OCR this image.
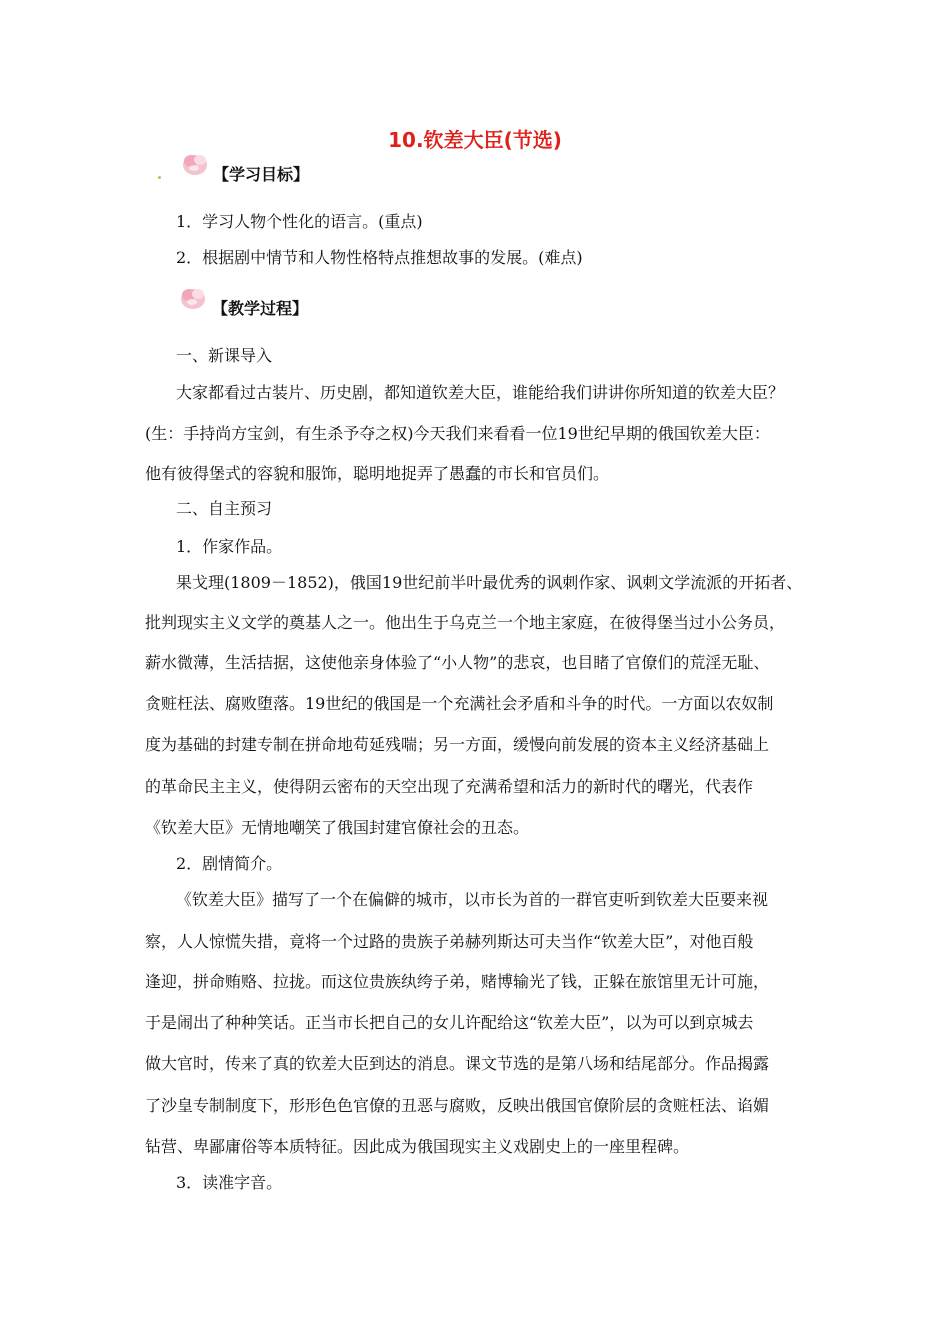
10.钦差大臣(节选)
【学习目标】
1．学习人物个性化的语言。(重点)
2．根据剧中情节和人物性格特点推想故事的发展。(难点)
【教学过程】
一、新课导入
大家都看过古装片、历史剧，都知道钦差大臣，谁能给我们讲讲你所知道的钦差大臣？
(生：手持尚方宝剑，有生杀予夺之权)今天我们来看看一位19世纪早期的俄国钦差大臣：
他有彼得堡式的容貌和服饰，聪明地捉弄了愚蠢的市长和官员们。
二、自主预习
1．作家作品。
果戈理(1809－1852)，俄国19世纪前半叶最优秀的讽刺作家、讽刺文学流派的开拓者、
批判现实主义文学的奠基人之一。他出生于乌克兰一个地主家庭，在彼得堡当过小公务员，
薪水微薄，生活拮据，这使他亲身体验了“小人物”的悲哀，也目睹了官僚们的荒淫无耻、
贪赃枉法、腐败堕落。19世纪的俄国是一个充满社会矛盾和斗争的时代。一方面以农奴制
度为基础的封建专制在拼命地苟延残喘；另一方面，缓慢向前发展的资本主义经济基础上
的革命民主主义，使得阴云密布的天空出现了充满希望和活力的新时代的曙光，代表作
《钦差大臣》无情地嘲笑了俄国封建官僚社会的丑态。
2．剧情简介。
《钦差大臣》描写了一个在偏僻的城市，以市长为首的一群官吏听到钦差大臣要来视
察，人人惊慌失措，竟将一个过路的贵族子弟赫列斯达可夫当作“钦差大臣”，对他百般
逢迎，拼命贿赂、拉拢。而这位贵族纨绔子弟，赌博输光了钱，正躲在旅馆里无计可施，
于是闹出了种种笑话。正当市长把自己的女儿许配给这“钦差大臣”，以为可以到京城去
做大官时，传来了真的钦差大臣到达的消息。课文节选的是第八场和结尾部分。作品揭露
了沙皇专制制度下，形形色色官僚的丑恶与腐败，反映出俄国官僚阶层的贪赃枉法、谄媚
钻营、卑鄙庸俗等本质特征。因此成为俄国现实主义戏剧史上的一座里程碑。
3．读准字音。
